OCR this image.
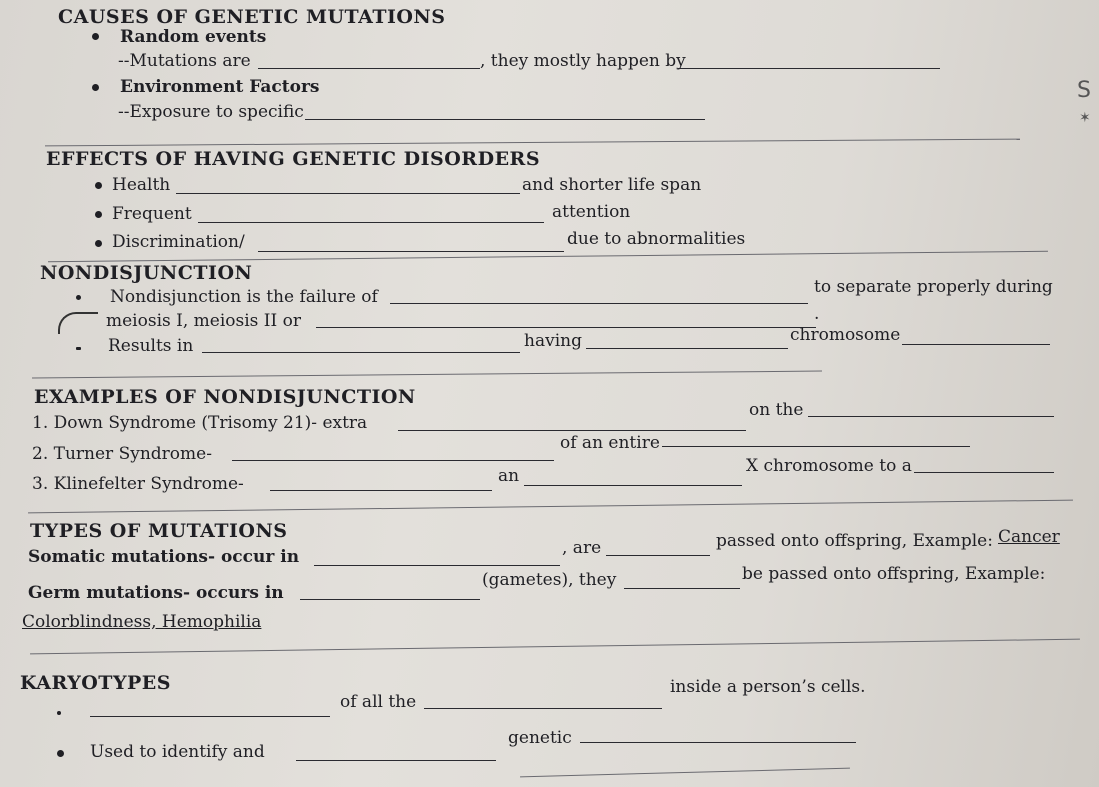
CAUSES OF GENETIC MUTATIONS
Random events
--Mutations are	, they mostly happen by
Environment Factors
--Exposure to specific
EFFECTS OF HAVING GENETIC DISORDERS
Health	and shorter life span
Frequent	attention
Discrimination/	due to abnormalities
NONDISJUNCTION
Nondisjunction is the failure of	to separate properly during
meiosis I, meiosis II or	.
Results in	having	chromosome
EXAMPLES OF NONDISJUNCTION
1. Down Syndrome (Trisomy 21)- extra
on the
2. Turner Syndrome-
of an entire
3. Klinefelter Syndrome-	an	X chromosome to a
TYPES OF MUTATIONS
Somatic mutations- occur in	, are	passed onto offspring, Example: Cancer
Germ mutations- occurs in
(gametes), they	be passed onto offspring, Example:
Colorblindness, Hemophilia
KARYOTYPES
of all the
inside a person’s cells.
Used to identify and
genetic
S
✶
